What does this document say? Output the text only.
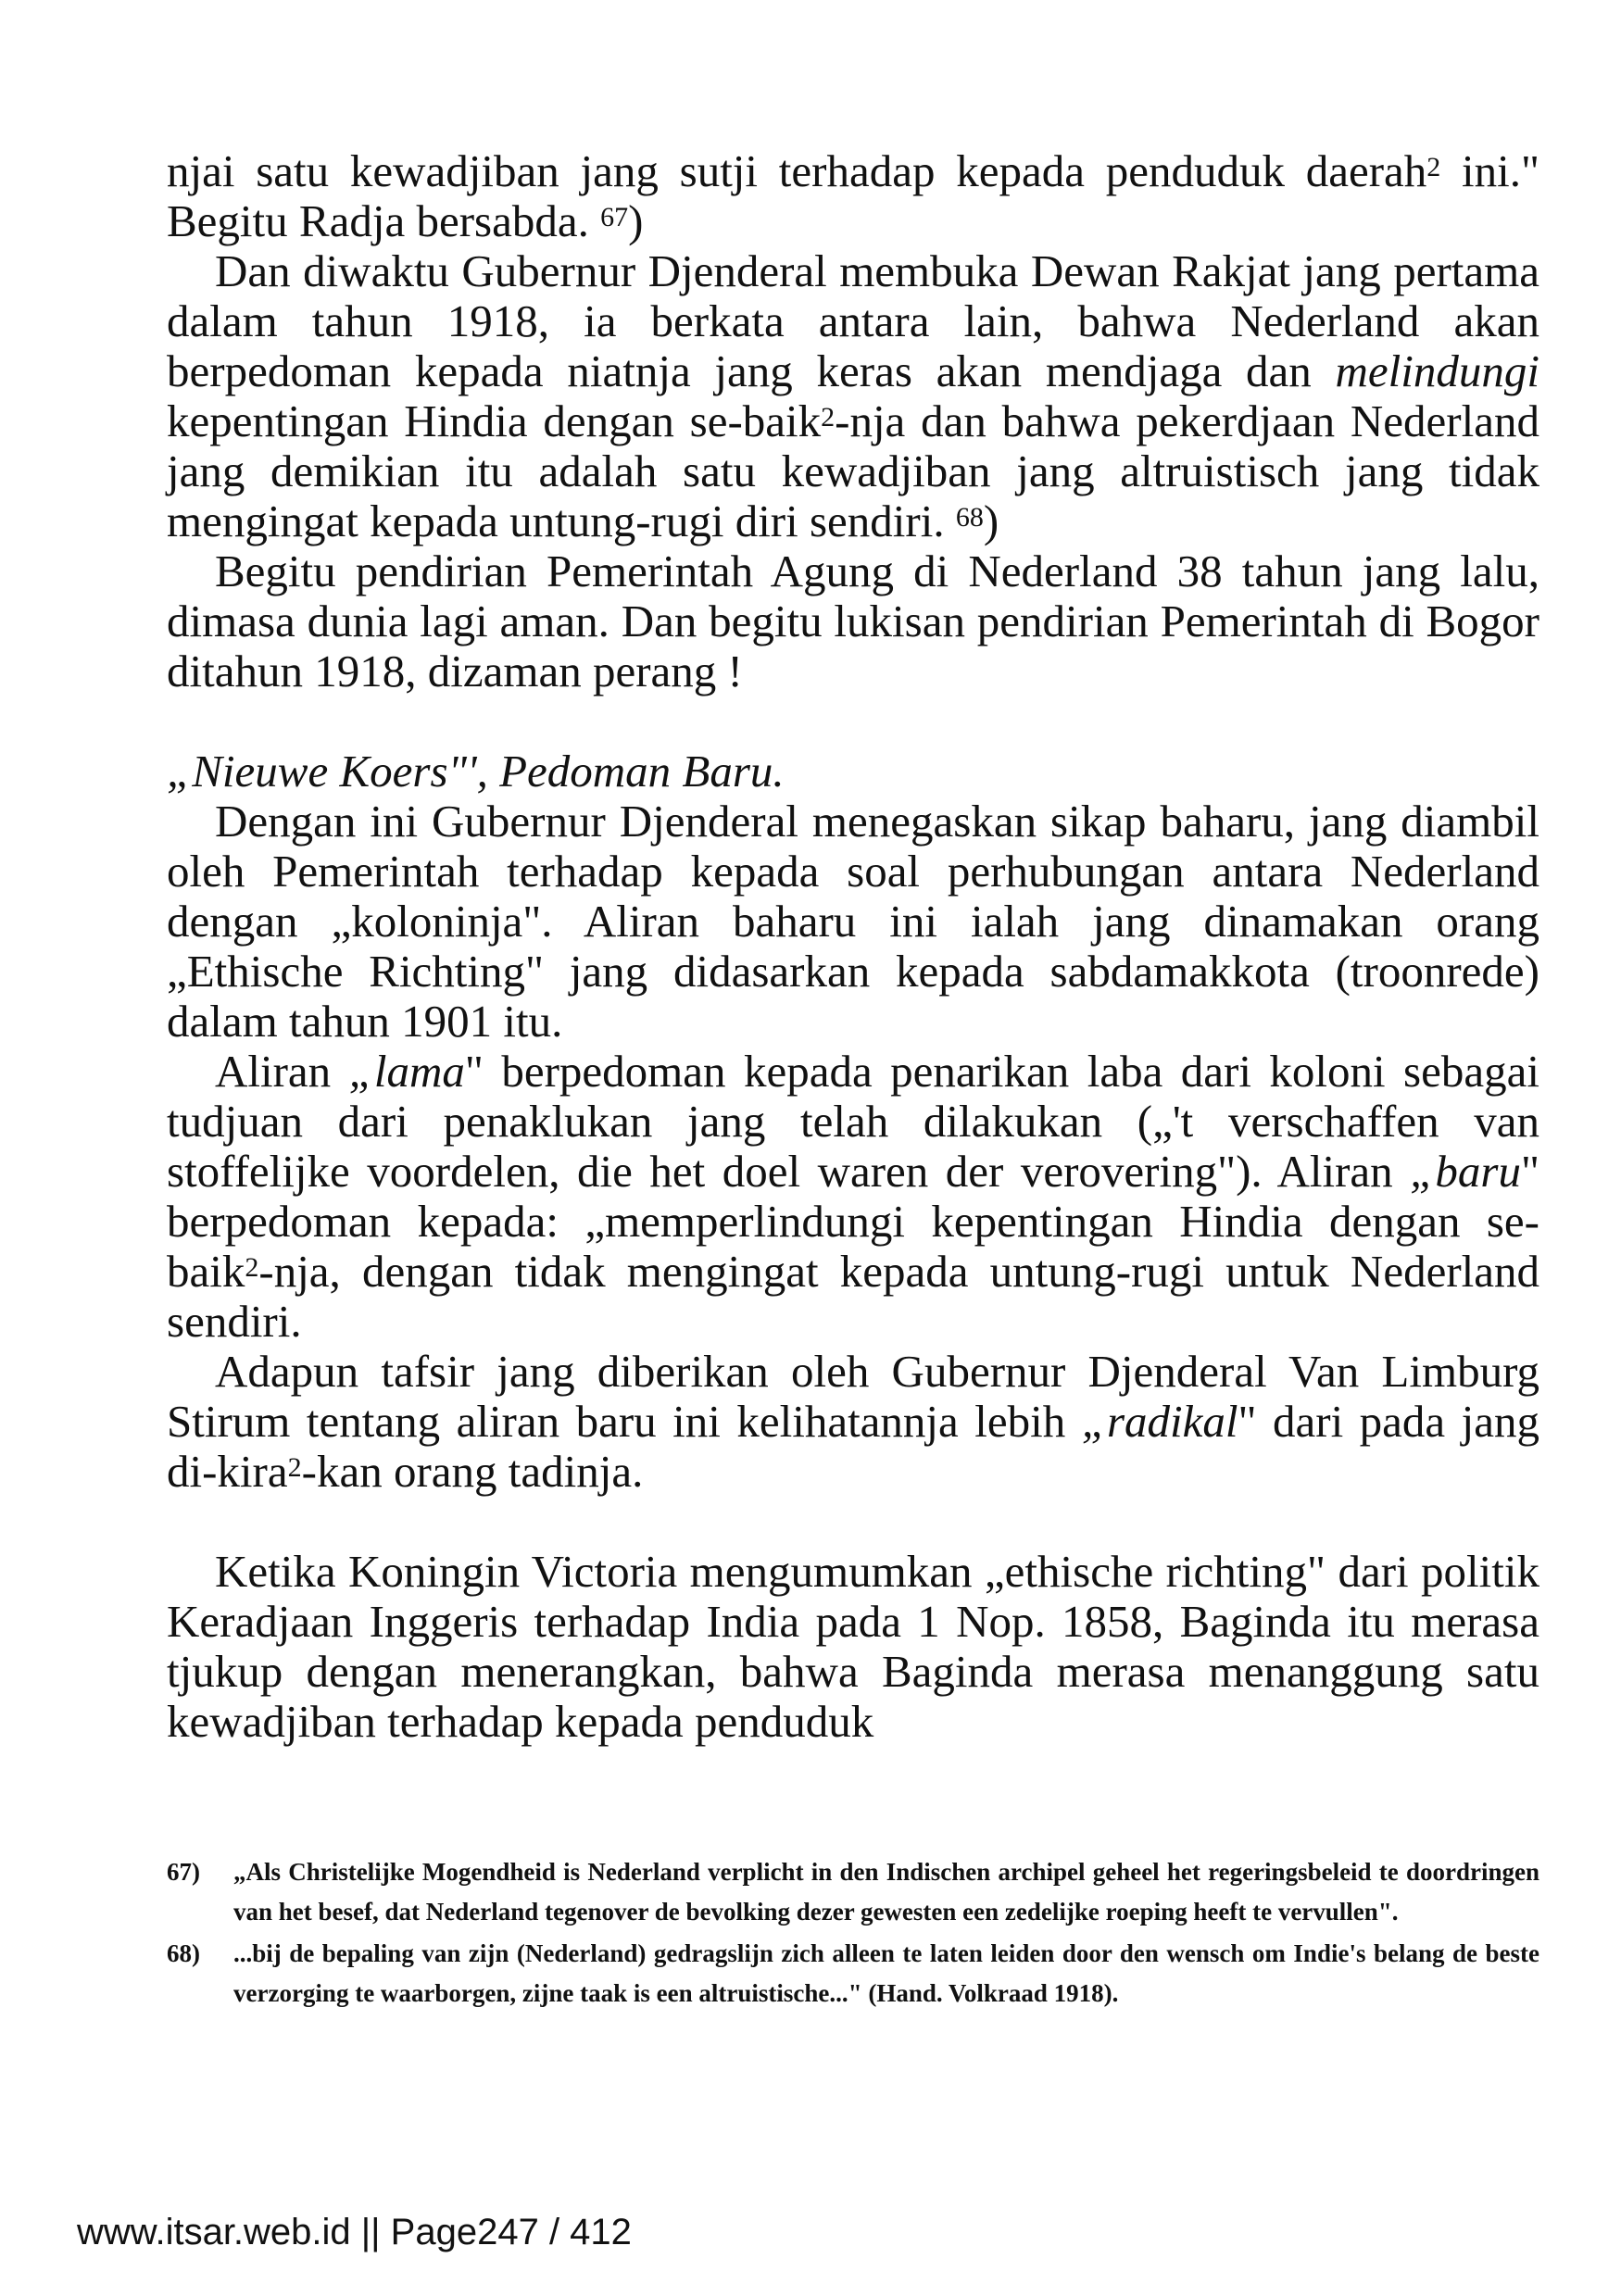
njai satu kewadjiban jang sutji terhadap kepada penduduk daerah$^2$ ini." Begitu Radja bersabda. $^{67}$)

Dan diwaktu Gubernur Djenderal membuka Dewan Rakjat jang pertama dalam tahun 1918, ia berkata antara lain, bahwa Nederland akan berpedoman kepada niatnja jang keras akan mendjaga dan melindungi kepentingan Hindia dengan se-baik$^2$-nja dan bahwa pekerdjaan Nederland jang demikian itu adalah satu kewadjiban jang altruistisch jang tidak mengingat kepada untung-rugi diri sendiri. $^{68}$)

Begitu pendirian Pemerintah Agung di Nederland 38 tahun jang lalu, dimasa dunia lagi aman. Dan begitu lukisan pendirian Pemerintah di Bogor ditahun 1918, dizaman perang !

„Nieuwe Koers"', Pedoman Baru.

Dengan ini Gubernur Djenderal menegaskan sikap baharu, jang diambil oleh Pemerintah terhadap kepada soal perhubungan antara Nederland dengan „koloninja". Aliran baharu ini ialah jang dinamakan orang „Ethische Richting" jang didasarkan kepada sabdamakkota (troonrede) dalam tahun 1901 itu.

Aliran „lama" berpedoman kepada penarikan laba dari koloni sebagai tudjuan dari penaklukan jang telah dilakukan („'t verschaffen van stoffelijke voordelen, die het doel waren der verovering"). Aliran „baru" berpedoman kepada: „memperlindungi kepentingan Hindia dengan se-baik$^2$-nja, dengan tidak mengingat kepada untung-rugi untuk Nederland sendiri.

Adapun tafsir jang diberikan oleh Gubernur Djenderal Van Limburg Stirum tentang aliran baru ini kelihatannja lebih „radikal" dari pada jang di-kira$^2$-kan orang tadinja.

Ketika Koningin Victoria mengumumkan „ethische richting" dari politik Keradjaan Inggeris terhadap India pada 1 Nop. 1858, Baginda itu merasa tjukup dengan menerangkan, bahwa Baginda merasa menanggung satu kewadjiban terhadap kepada penduduk

67)	„Als Christelijke Mogendheid is Nederland verplicht in den Indischen archipel geheel het regeringsbeleid te doordringen van het besef, dat Nederland tegenover de bevolking dezer gewesten een zedelijke roeping heeft te vervullen".
68)	...bij de bepaling van zijn (Nederland) gedragslijn zich alleen te laten leiden door den wensch om Indie's belang de beste verzorging te waarborgen, zijne taak is een altruistische..." (Hand. Volkraad 1918).
www.itsar.web.id || Page247 / 412
